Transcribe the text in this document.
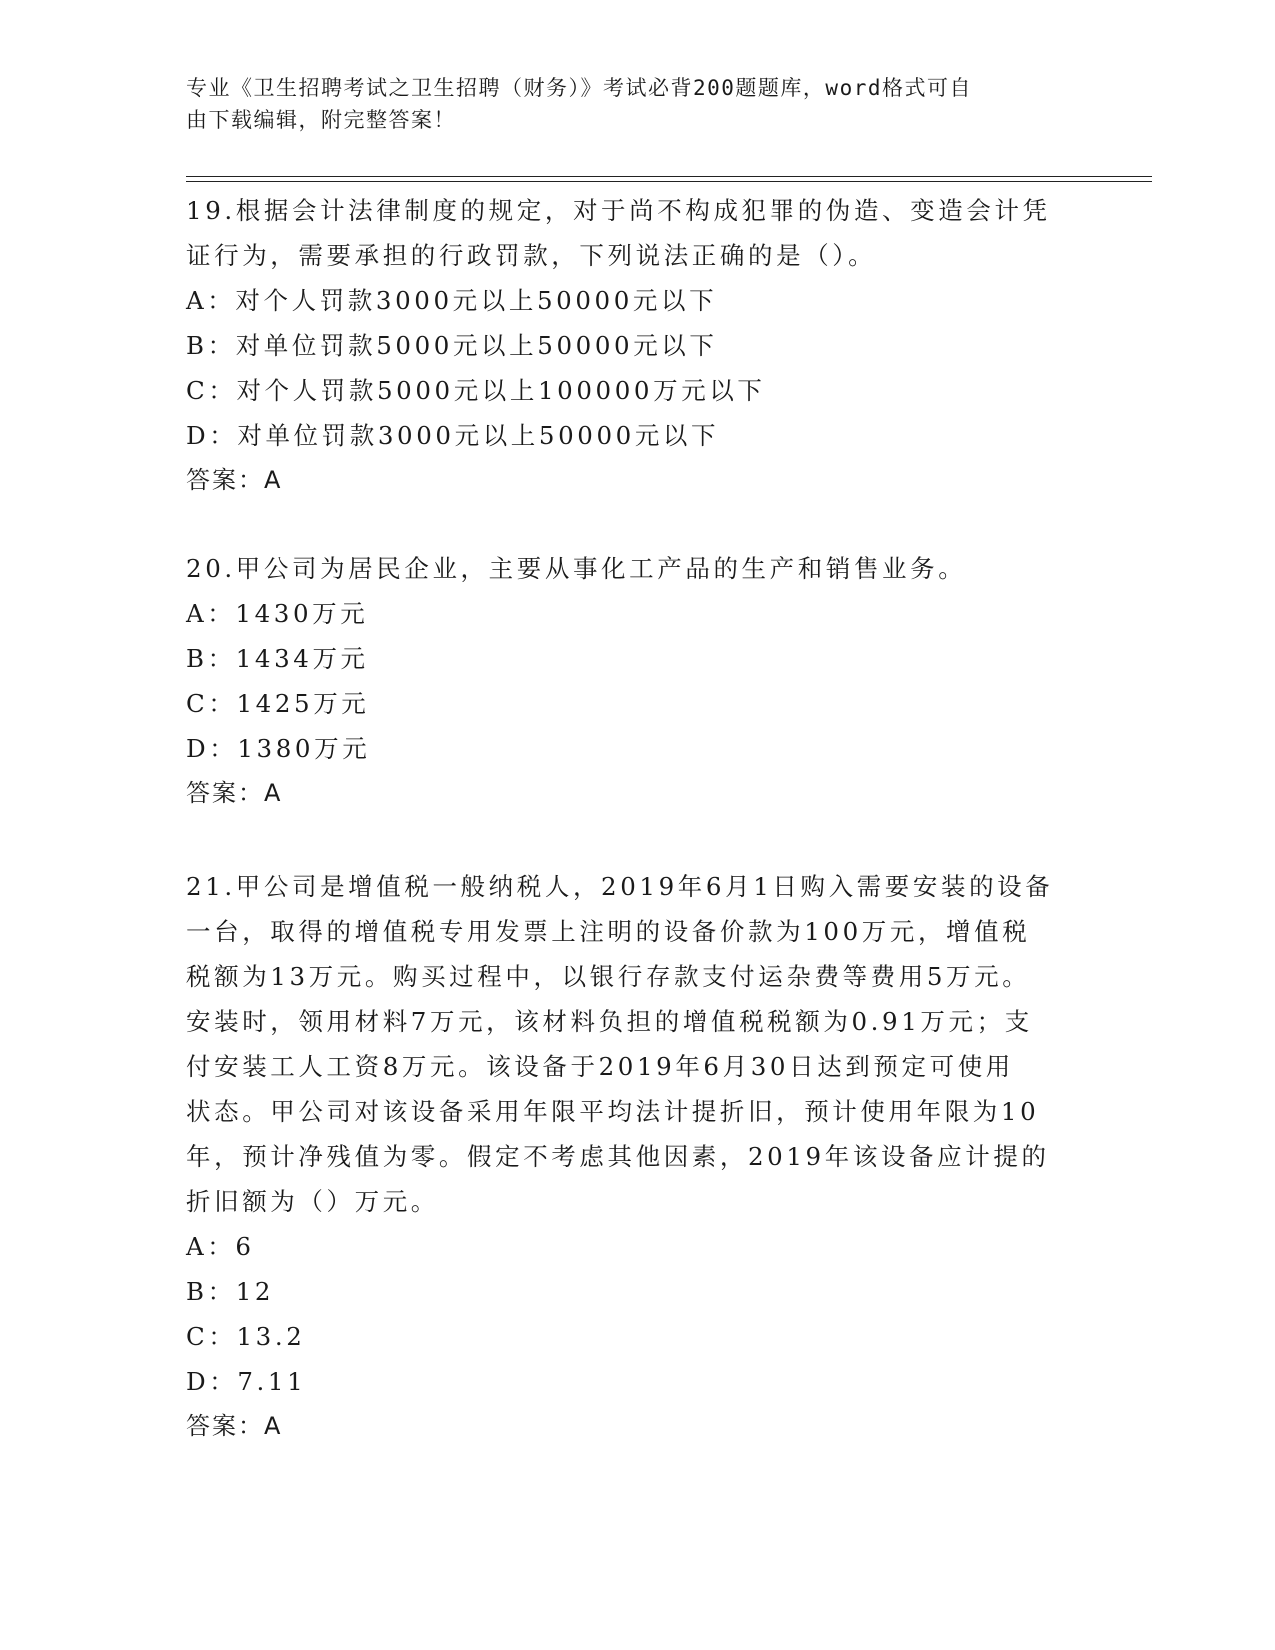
专业《卫生招聘考试之卫生招聘（财务）》考试必背200题题库，word格式可自
由下载编辑，附完整答案！
19.根据会计法律制度的规定，对于尚不构成犯罪的伪造、变造会计凭
证行为，需要承担的行政罚款，下列说法正确的是（）。
A：对个人罚款3000元以上50000元以下
B：对单位罚款5000元以上50000元以下
C：对个人罚款5000元以上100000万元以下
D：对单位罚款3000元以上50000元以下
答案：A
20.甲公司为居民企业，主要从事化工产品的生产和销售业务。
A：1430万元
B：1434万元
C：1425万元
D：1380万元
答案：A
21.甲公司是增值税一般纳税人，2019年6月1日购入需要安装的设备
一台，取得的增值税专用发票上注明的设备价款为100万元，增值税
税额为13万元。购买过程中，以银行存款支付运杂费等费用5万元。
安装时，领用材料7万元，该材料负担的增值税税额为0.91万元；支
付安装工人工资8万元。该设备于2019年6月30日达到预定可使用
状态。甲公司对该设备采用年限平均法计提折旧，预计使用年限为10
年，预计净残值为零。假定不考虑其他因素，2019年该设备应计提的
折旧额为（）万元。
A：6
B：12
C：13.2
D：7.11
答案：A
